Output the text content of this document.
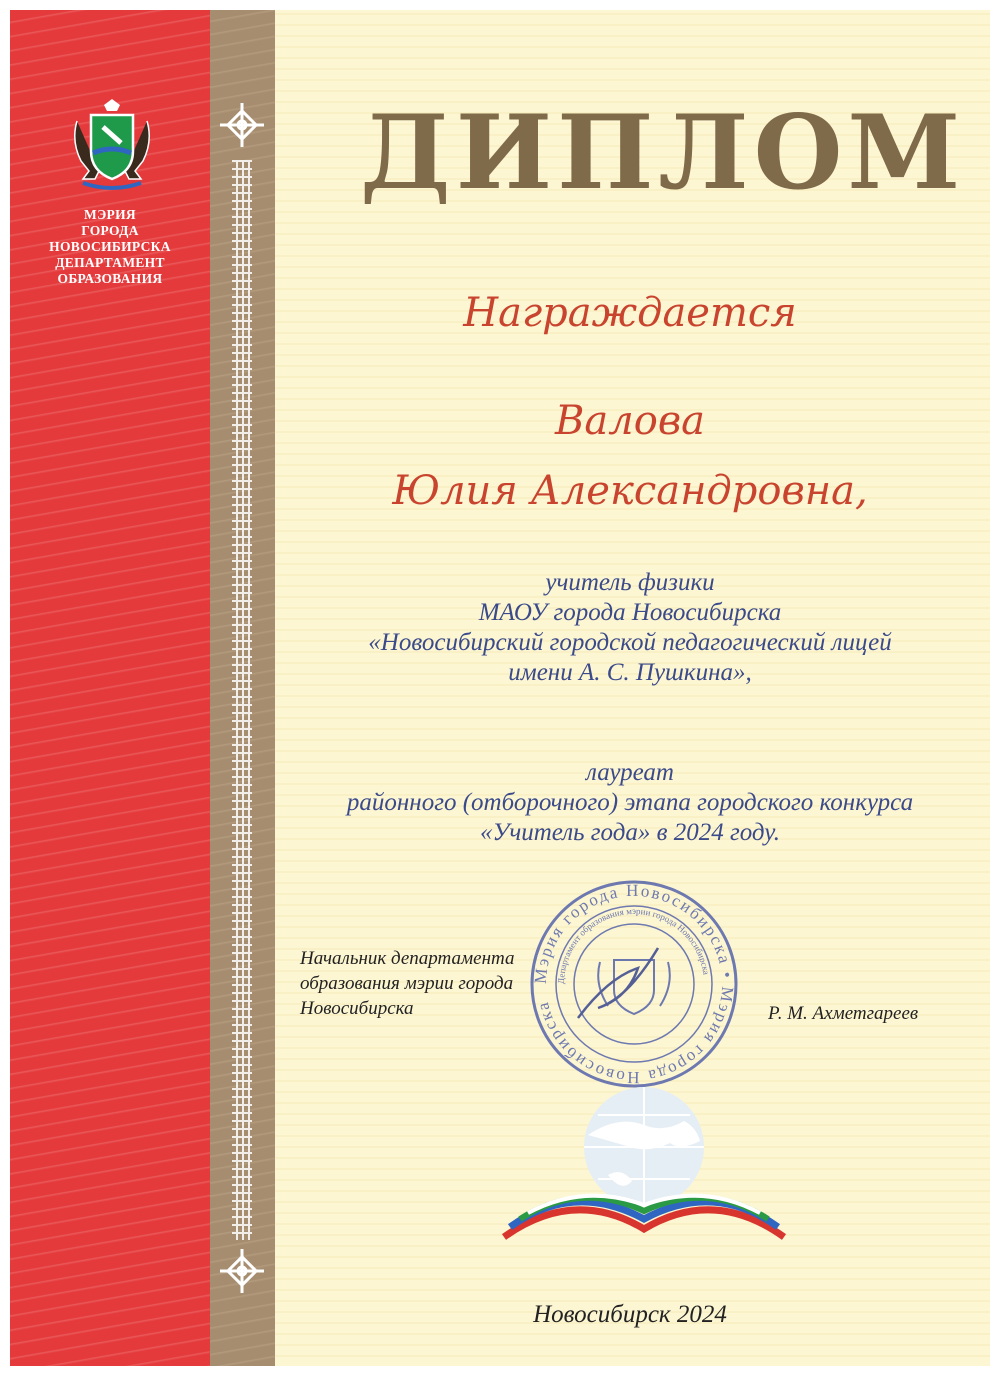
МЭРИЯ
ГОРОДА
НОВОСИБИРСКА
ДЕПАРТАМЕНТ
ОБРАЗОВАНИЯ
ДИПЛОМ
Награждается
Валова
Юлия Александровна,
учитель физики
МАОУ города Новосибирска
«Новосибирский городской педагогический лицей
имени А. С. Пушкина»,
лауреат
районного (отборочного) этапа городского конкурса
«Учитель года» в 2024 году.
Начальник департамента
образования мэрии города
Новосибирска
Мэрия города Новосибирска • Мэрия города Новосибирска
Департамент образования мэрии города Новосибирска
Р. М. Ахметгареев
Новосибирск 2024
